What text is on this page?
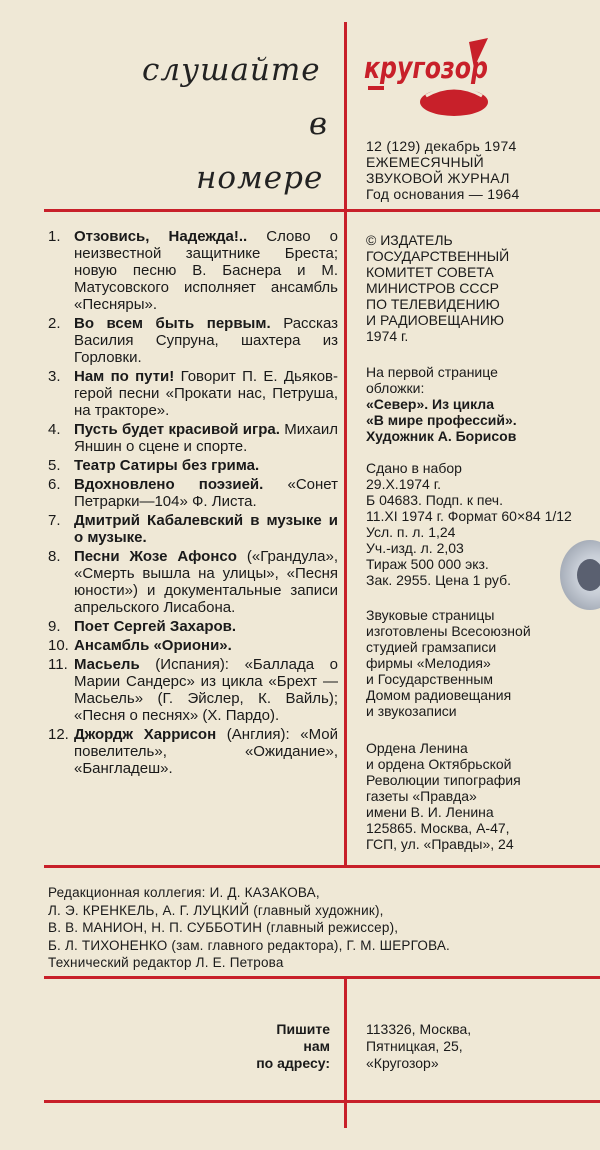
слушайте
в
номере
кругозор
12 (129) декабрь 1974
ЕЖЕМЕСЯЧНЫЙ
ЗВУКОВОЙ ЖУРНАЛ
Год основания — 1964
1. Отзовись, Надежда!.. Слово о неизвестной защитнике Бреста; новую песню В. Баснера и М. Матусовского исполняет ансамбль «Песняры».
2. Во всем быть первым. Рассказ Василия Супруна, шахтера из Горловки.
3. Нам по пути! Говорит П. Е. Дьяков-герой песни «Прокати нас, Петруша, на тракторе».
4. Пусть будет красивой игра. Михаил Яншин о сцене и спорте.
5. Театр Сатиры без грима.
6. Вдохновлено поэзией. «Сонет Петрарки—104» Ф. Листа.
7. Дмитрий Кабалевский в музыке и о музыке.
8. Песни Жозе Афонсо («Грандула», «Смерть вышла на улицы», «Песня юности») и документальные записи апрельского Лисабона.
9. Поет Сергей Захаров.
10. Ансамбль «Ориони».
11. Масьель (Испания): «Баллада о Марии Сандерс» из цикла «Брехт — Масьель» (Г. Эйслер, К. Вайль); «Песня о песнях» (Х. Пардо).
12. Джордж Харрисон (Англия): «Мой повелитель», «Ожидание», «Бангладеш».

© ИЗДАТЕЛЬ

ГОСУДАРСТВЕННЫЙ

КОМИТЕТ СОВЕТА

МИНИСТРОВ СССР

ПО ТЕЛЕВИДЕНИЮ

И РАДИОВЕЩАНИЮ

1974 г.

На первой странице

обложки:

«Север». Из цикла

«В мире профессий».

Художник А. Борисов

Сдано в набор

29.X.1974 г.

Б 04683. Подп. к печ.

11.XI 1974 г. Формат 60×84 1/12

Усл. п. л. 1,24

Уч.-изд. л. 2,03

Тираж 500 000 экз.

Зак. 2955. Цена 1 руб.

Звуковые страницы

изготовлены Всесоюзной

студией грамзаписи

фирмы «Мелодия»

и Государственным

Домом радиовещания

и звукозаписи

Ордена Ленина

и ордена Октябрьской

Революции типография

газеты «Правда»

имени В. И. Ленина

125865. Москва, А-47,

ГСП, ул. «Правды», 24

Редакционная коллегия: И. Д. КАЗАКОВА,

Л. Э. КРЕНКЕЛЬ, А. Г. ЛУЦКИЙ (главный художник),

В. В. МАНИОН, Н. П. СУББОТИН (главный режиссер),

Б. Л. ТИХОНЕНКО (зам. главного редактора), Г. М. ШЕРГОВА.

Технический редактор Л. Е. Петрова

Пишите

нам

по адресу:

113326, Москва,

Пятницкая, 25,

«Кругозор»
